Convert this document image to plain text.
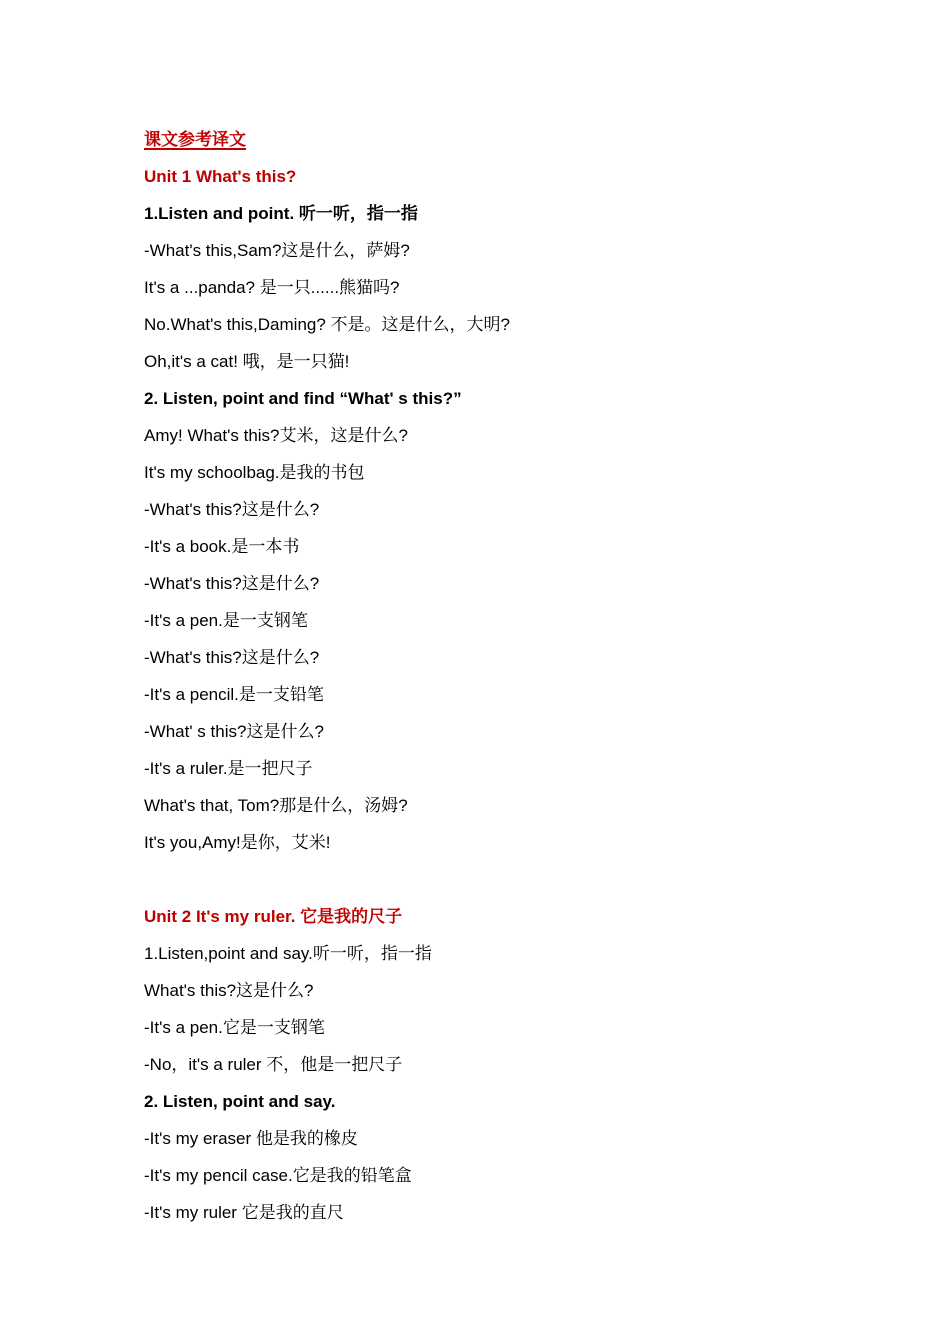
课文参考译文
Unit 1 What's this?
1.Listen and point. 听一听，指一指
-What's this,Sam?这是什么，萨姆?
It's a ...panda? 是一只......熊猫吗?
No.What's this,Daming? 不是。这是什么，大明?
Oh,it's a cat! 哦，是一只猫!
2. Listen, point and find “What' s this?”
Amy! What's this?艾米，这是什么?
It's my schoolbag.是我的书包
-What's this?这是什么?
-It's a book.是一本书
-What's this?这是什么?
-It's a pen.是一支钢笔
-What's this?这是什么?
-It's a pencil.是一支铅笔
-What' s this?这是什么?
-It's a ruler.是一把尺子
What's that, Tom?那是什么，汤姆?
It's you,Amy!是你，艾米!
Unit 2 It's my ruler. 它是我的尺子
1.Listen,point and say.听一听，指一指
What's this?这是什么?
-It's a pen.它是一支钢笔
-No，it's a ruler 不，他是一把尺子
2. Listen, point and say.
-It's my eraser 他是我的橡皮
-It's my pencil case.它是我的铅笔盒
-It's my ruler 它是我的直尺
